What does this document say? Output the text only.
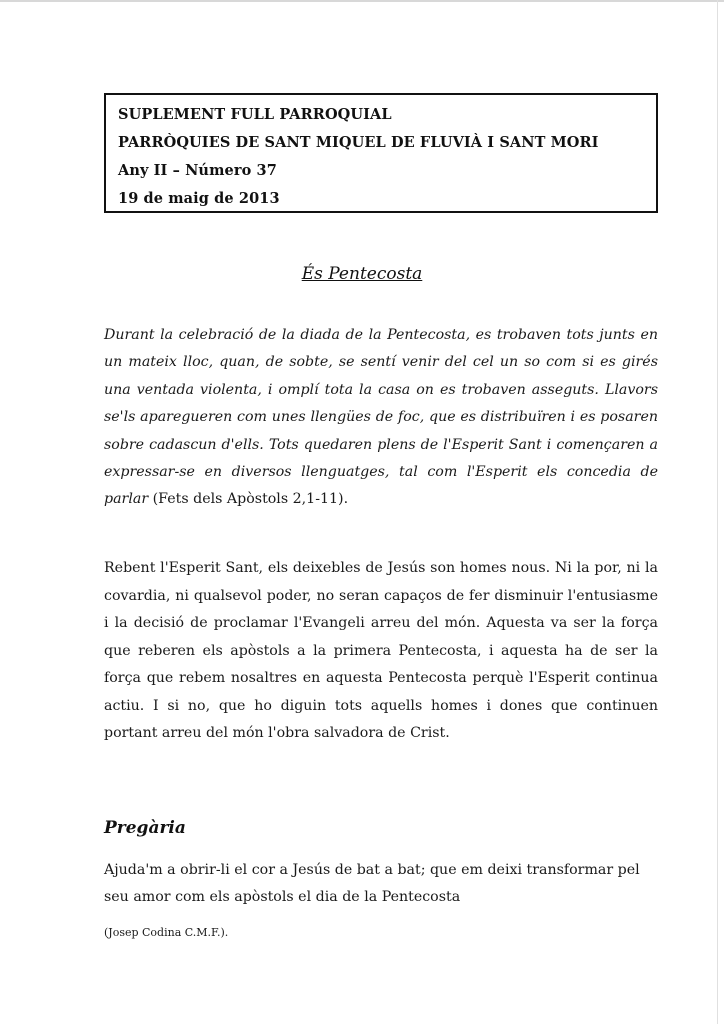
SUPLEMENT FULL PARROQUIAL
PARRÒQUIES DE SANT MIQUEL DE FLUVIÀ I SANT MORI
Any II – Número 37
19 de maig de 2013
És Pentecosta
Durant la celebració de la diada de la Pentecosta, es trobaven tots junts en un mateix lloc, quan, de sobte, se sentí venir del cel un so com si es girés una ventada violenta, i omplí tota la casa on es trobaven asseguts. Llavors se'ls aparegueren com unes llengües de foc, que es distribuïren i es posaren sobre cadascun d'ells. Tots quedaren plens de l'Esperit Sant i començaren a expressar-se en diversos llenguatges, tal com l'Esperit els concedia de parlar (Fets dels Apòstols 2,1-11).
Rebent l'Esperit Sant, els deixebles de Jesús son homes nous. Ni la por, ni la covardia, ni qualsevol poder, no seran capaços de fer disminuir l'entusiasme i la decisió de proclamar l'Evangeli arreu del món. Aquesta va ser la força que reberen els apòstols a la primera Pentecosta, i aquesta ha de ser la força que rebem nosaltres en aquesta Pentecosta perquè l'Esperit continua actiu. I si no, que ho diguin tots aquells homes i dones que continuen portant arreu del món l'obra salvadora de Crist.
Pregària
Ajuda'm a obrir-li el cor a Jesús de bat a bat; que em deixi transformar pel seu amor com els apòstols el dia de la Pentecosta
(Josep Codina C.M.F.).
